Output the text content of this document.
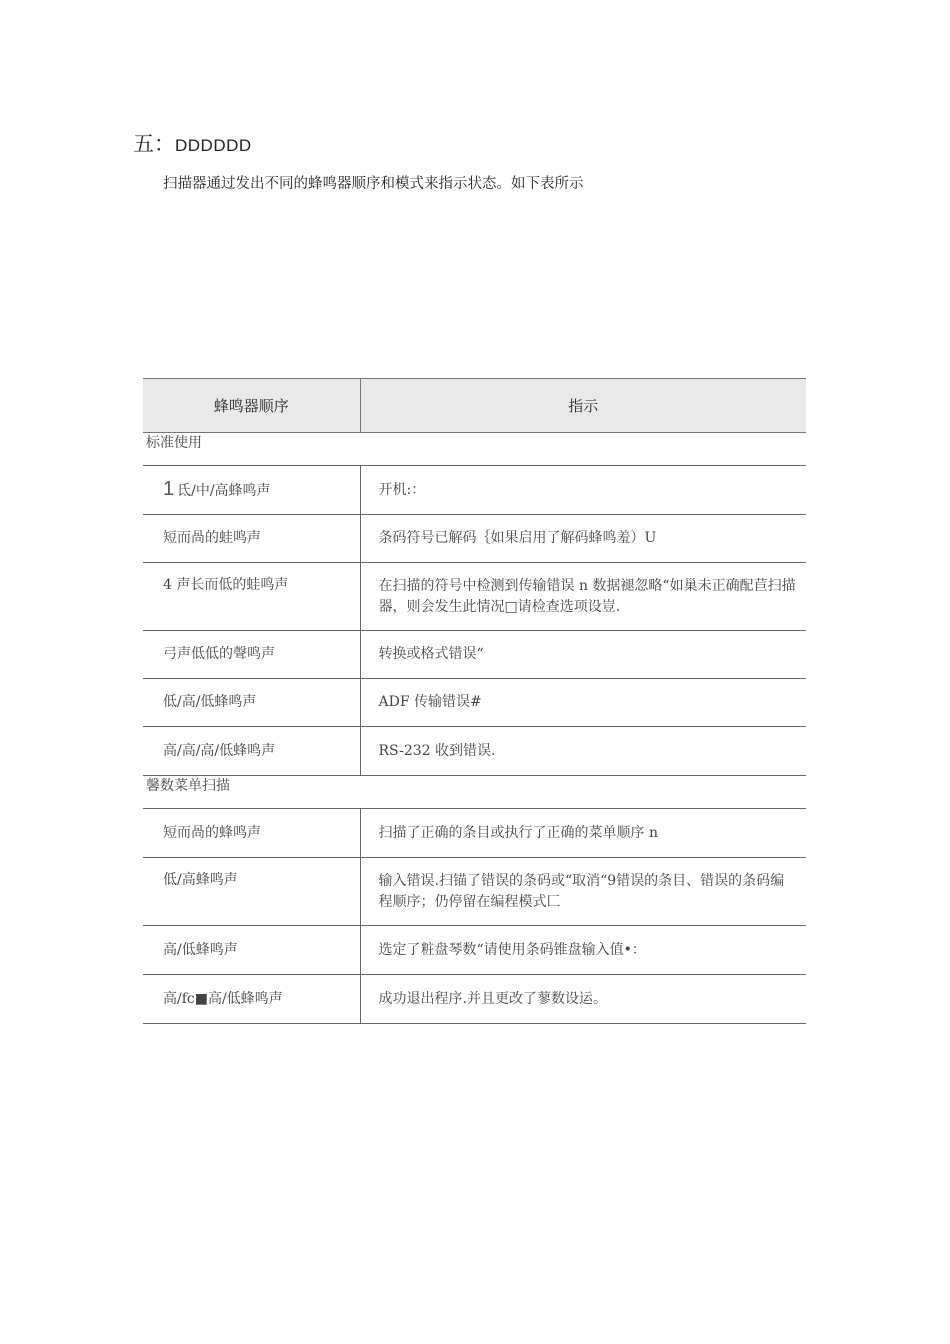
五：DDDDDD
扫描器通过发出不同的蜂鸣器顺序和模式来指示状态。如下表所示
蜂鸣器顺序	指示
标准使用	
1 氐/中/高蜂鸣声	开机:：
短而咼的蛙鸣声	条码符号已解码｛如果启用了解码蜂鸣羞）U
4 声长而低的蛙鸣声	在扫描的符号中检测到传输错误 n 数据褪忽略“如巢未正确配苣扫描器，则会发生此情况□请检查选项设豈.
弓声低低的聲鸣声	转换或格式错误“
低/高/低蜂鸣声	ADF 传输错误#
高/高/高/低蜂鸣声	RS-232 收到错误.
馨数菜单扫描	
短而咼的蜂鸣声	扫描了正确的条目或执行了正确的菜单顺序 n
低/高蜂鸣声	输入错误.扫锚了错误的条码或“取消“9错误的条目、错误的条码编程顺序；仍停留在编程模式匚
高/低蜂鸣声	选定了粧盘琴数“请使用条码锥盘输入值•：
高/fc■高/低蜂鸣声	成功退出程序.并且更改了蓼数设运。
